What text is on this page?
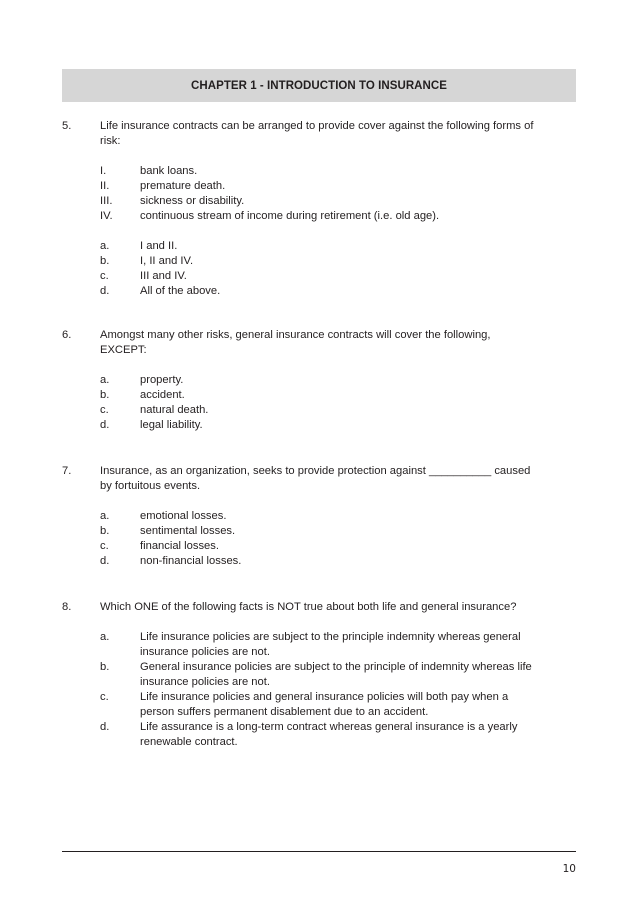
CHAPTER 1 - INTRODUCTION TO INSURANCE
5.	Life insurance contracts can be arranged to provide cover against the following forms of risk:
I.	bank loans.
II.	premature death.
III. sickness or disability.
IV. continuous stream of income during retirement (i.e. old age).
a.	I and II.
b.	I, II and IV.
c.	III and IV.
d.	All of the above.
6.	Amongst many other risks, general insurance contracts will cover the following, EXCEPT:
a.	property.
b.	accident.
c.	natural death.
d.	legal liability.
7.	Insurance, as an organization, seeks to provide protection against __________ caused by fortuitous events.
a.	emotional losses.
b.	sentimental losses.
c.	financial losses.
d.	non-financial losses.
8.	Which ONE of the following facts is NOT true about both life and general insurance?
a.	Life insurance policies are subject to the principle indemnity whereas general insurance policies are not.
b.	General insurance policies are subject to the principle of indemnity whereas life insurance policies are not.
c.	Life insurance policies and general insurance policies will both pay when a person suffers permanent disablement due to an accident.
d.	Life assurance is a long-term contract whereas general insurance is a yearly renewable contract.
10
